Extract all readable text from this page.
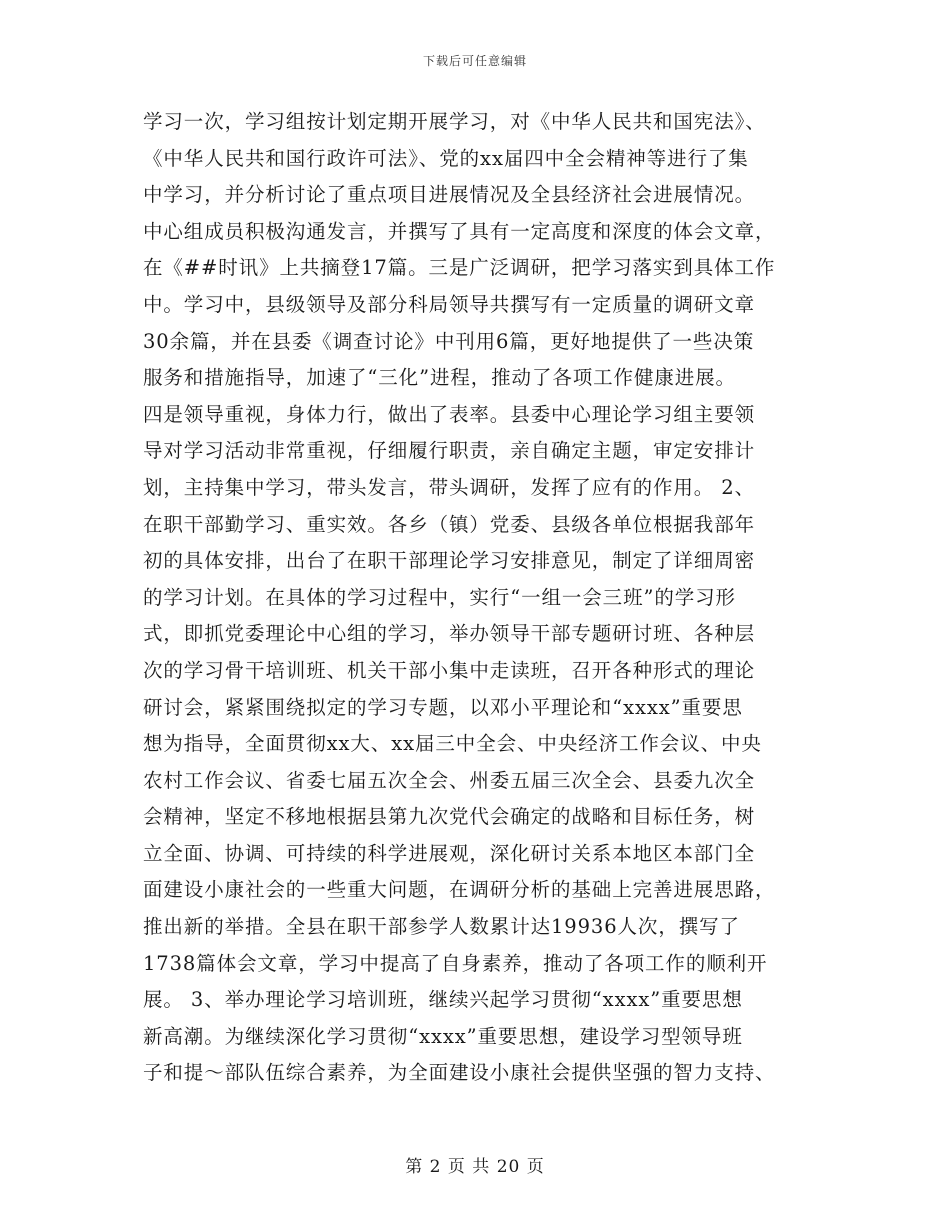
下载后可任意编辑
学习一次，学习组按计划定期开展学习，对《中华人民共和国宪法》、
《中华人民共和国行政许可法》、党的xx届四中全会精神等进行了集
中学习，并分析讨论了重点项目进展情况及全县经济社会进展情况。
中心组成员积极沟通发言，并撰写了具有一定高度和深度的体会文章，
在《##时讯》上共摘登17篇。三是广泛调研，把学习落实到具体工作
中。学习中，县级领导及部分科局领导共撰写有一定质量的调研文章
30余篇，并在县委《调查讨论》中刊用6篇，更好地提供了一些决策
服务和措施指导，加速了“三化”进程，推动了各项工作健康进展。
四是领导重视，身体力行，做出了表率。县委中心理论学习组主要领
导对学习活动非常重视，仔细履行职责，亲自确定主题，审定安排计
划，主持集中学习，带头发言，带头调研，发挥了应有的作用。 2、
在职干部勤学习、重实效。各乡（镇）党委、县级各单位根据我部年
初的具体安排，出台了在职干部理论学习安排意见，制定了详细周密
的学习计划。在具体的学习过程中，实行“一组一会三班”的学习形
式，即抓党委理论中心组的学习，举办领导干部专题研讨班、各种层
次的学习骨干培训班、机关干部小集中走读班，召开各种形式的理论
研讨会，紧紧围绕拟定的学习专题，以邓小平理论和“xxxx”重要思
想为指导，全面贯彻xx大、xx届三中全会、中央经济工作会议、中央
农村工作会议、省委七届五次全会、州委五届三次全会、县委九次全
会精神，坚定不移地根据县第九次党代会确定的战略和目标任务，树
立全面、协调、可持续的科学进展观，深化研讨关系本地区本部门全
面建设小康社会的一些重大问题，在调研分析的基础上完善进展思路，
推出新的举措。全县在职干部参学人数累计达19936人次，撰写了
1738篇体会文章，学习中提高了自身素养，推动了各项工作的顺利开
展。 3、举办理论学习培训班，继续兴起学习贯彻“xxxx”重要思想
新高潮。为继续深化学习贯彻“xxxx”重要思想，建设学习型领导班
子和提～部队伍综合素养，为全面建设小康社会提供坚强的智力支持、
第 2 页 共 20 页
